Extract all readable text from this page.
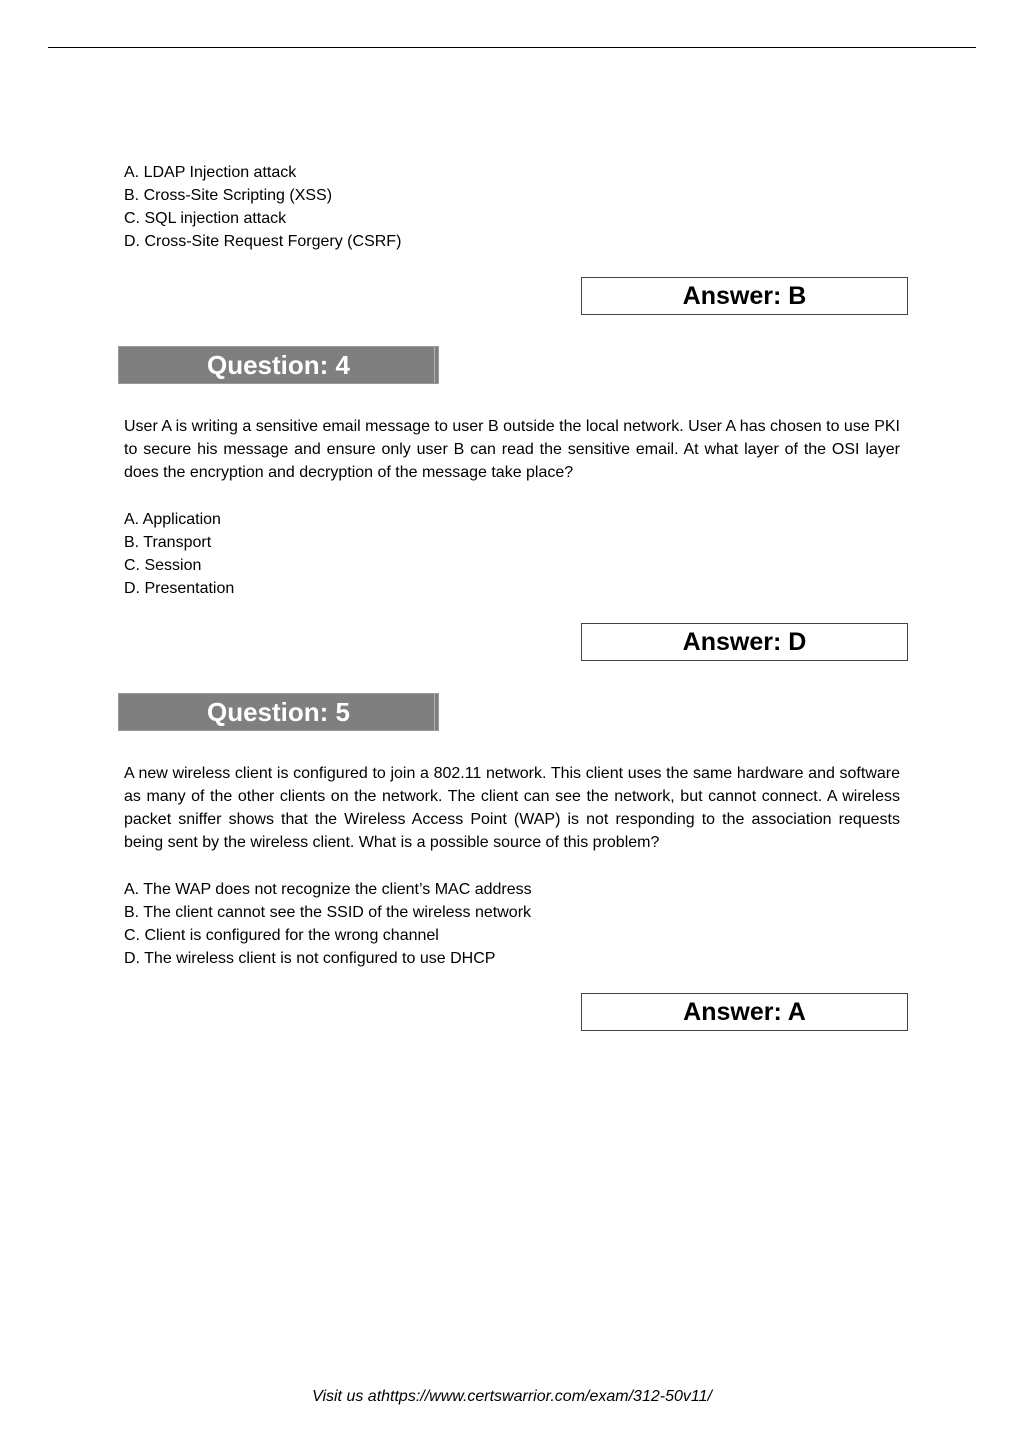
A. LDAP Injection attack
B. Cross-Site Scripting (XSS)
C. SQL injection attack
D. Cross-Site Request Forgery (CSRF)
Answer: B
Question: 4

User A is writing a sensitive email message to user B outside the local network. User A has chosen to use PKI to secure his message and ensure only user B can read the sensitive email. At what layer of the OSI layer does the encryption and decryption of the message take place?

A. Application
B. Transport
C. Session
D. Presentation
Answer: D
Question: 5

A new wireless client is configured to join a 802.11 network. This client uses the same hardware and software as many of the other clients on the network. The client can see the network, but cannot connect. A wireless packet sniffer shows that the Wireless Access Point (WAP) is not responding to the association requests being sent by the wireless client. What is a possible source of this problem?

A. The WAP does not recognize the client’s MAC address
B. The client cannot see the SSID of the wireless network
C. Client is configured for the wrong channel
D. The wireless client is not configured to use DHCP
Answer: A
Visit us athttps://www.certswarrior.com/exam/312-50v11/
